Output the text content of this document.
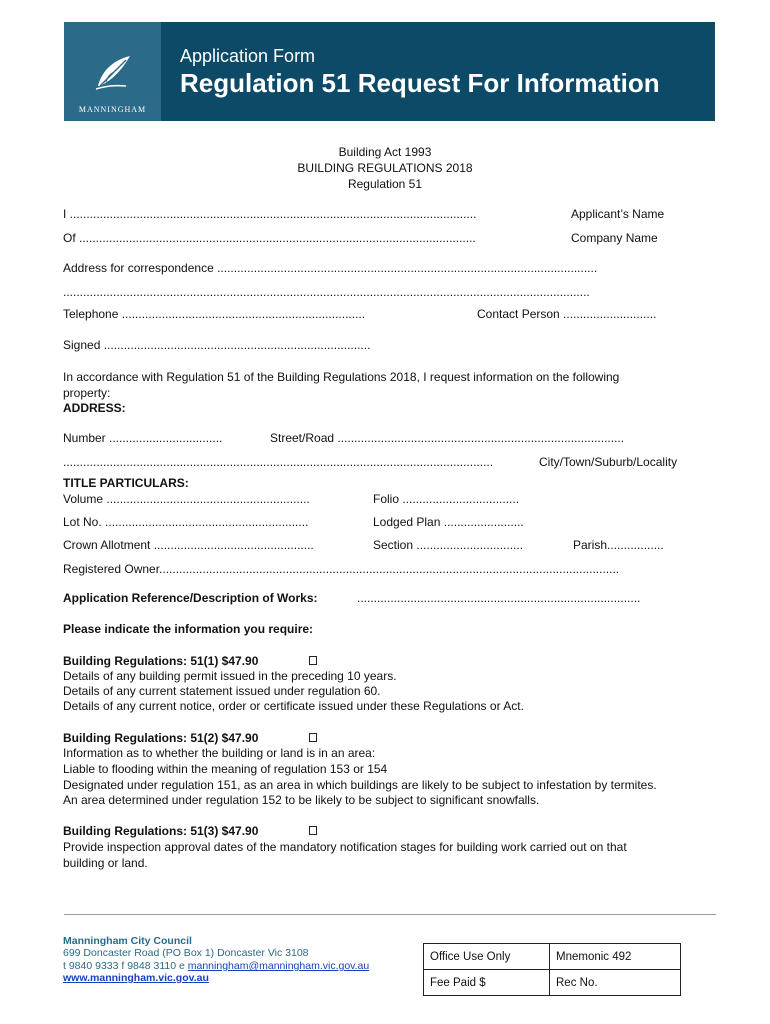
MANNINGHAM
Application Form
Regulation 51 Request For Information
Building Act 1993
BUILDING REGULATIONS 2018
Regulation 51
I ..........................................................................................................................	Applicant’s Name
Of .......................................................................................................................	Company Name
Address for correspondence ..................................................................................................................
..............................................................................................................................................................
Telephone .........................................................................	Contact Person ............................
Signed ................................................................................
In accordance with Regulation 51 of the Building Regulations 2018, I request information on the following
property:
ADDRESS:
Number ..................................	Street/Road ......................................................................................
.................................................................................................................................	City/Town/Suburb/Locality
TITLE PARTICULARS:
Volume .............................................................	Folio ...................................
Lot No. .............................................................	Lodged Plan ........................
Crown Allotment ................................................	Section ................................	Parish.................
Registered Owner..........................................................................................................................................
Application Reference/Description of Works:	.....................................................................................
Please indicate the information you require:
Building Regulations: 51(1) $47.90
Details of any building permit issued in the preceding 10 years.
Details of any current statement issued under regulation 60.
Details of any current notice, order or certificate issued under these Regulations or Act.
Building Regulations: 51(2) $47.90
Information as to whether the building or land is in an area:
Liable to flooding within the meaning of regulation 153 or 154
Designated under regulation 151, as an area in which buildings are likely to be subject to infestation by termites.
An area determined under regulation 152 to be likely to be subject to significant snowfalls.
Building Regulations: 51(3) $47.90
Provide inspection approval dates of the mandatory notification stages for building work carried out on that
building or land.
Manningham City Council
699 Doncaster Road (PO Box 1) Doncaster Vic 3108
t 9840 9333 f 9848 3110 e manningham@manningham.vic.gov.au
www.manningham.vic.gov.au
Office Use Only	Mnemonic 492
Fee Paid $	Rec No.
